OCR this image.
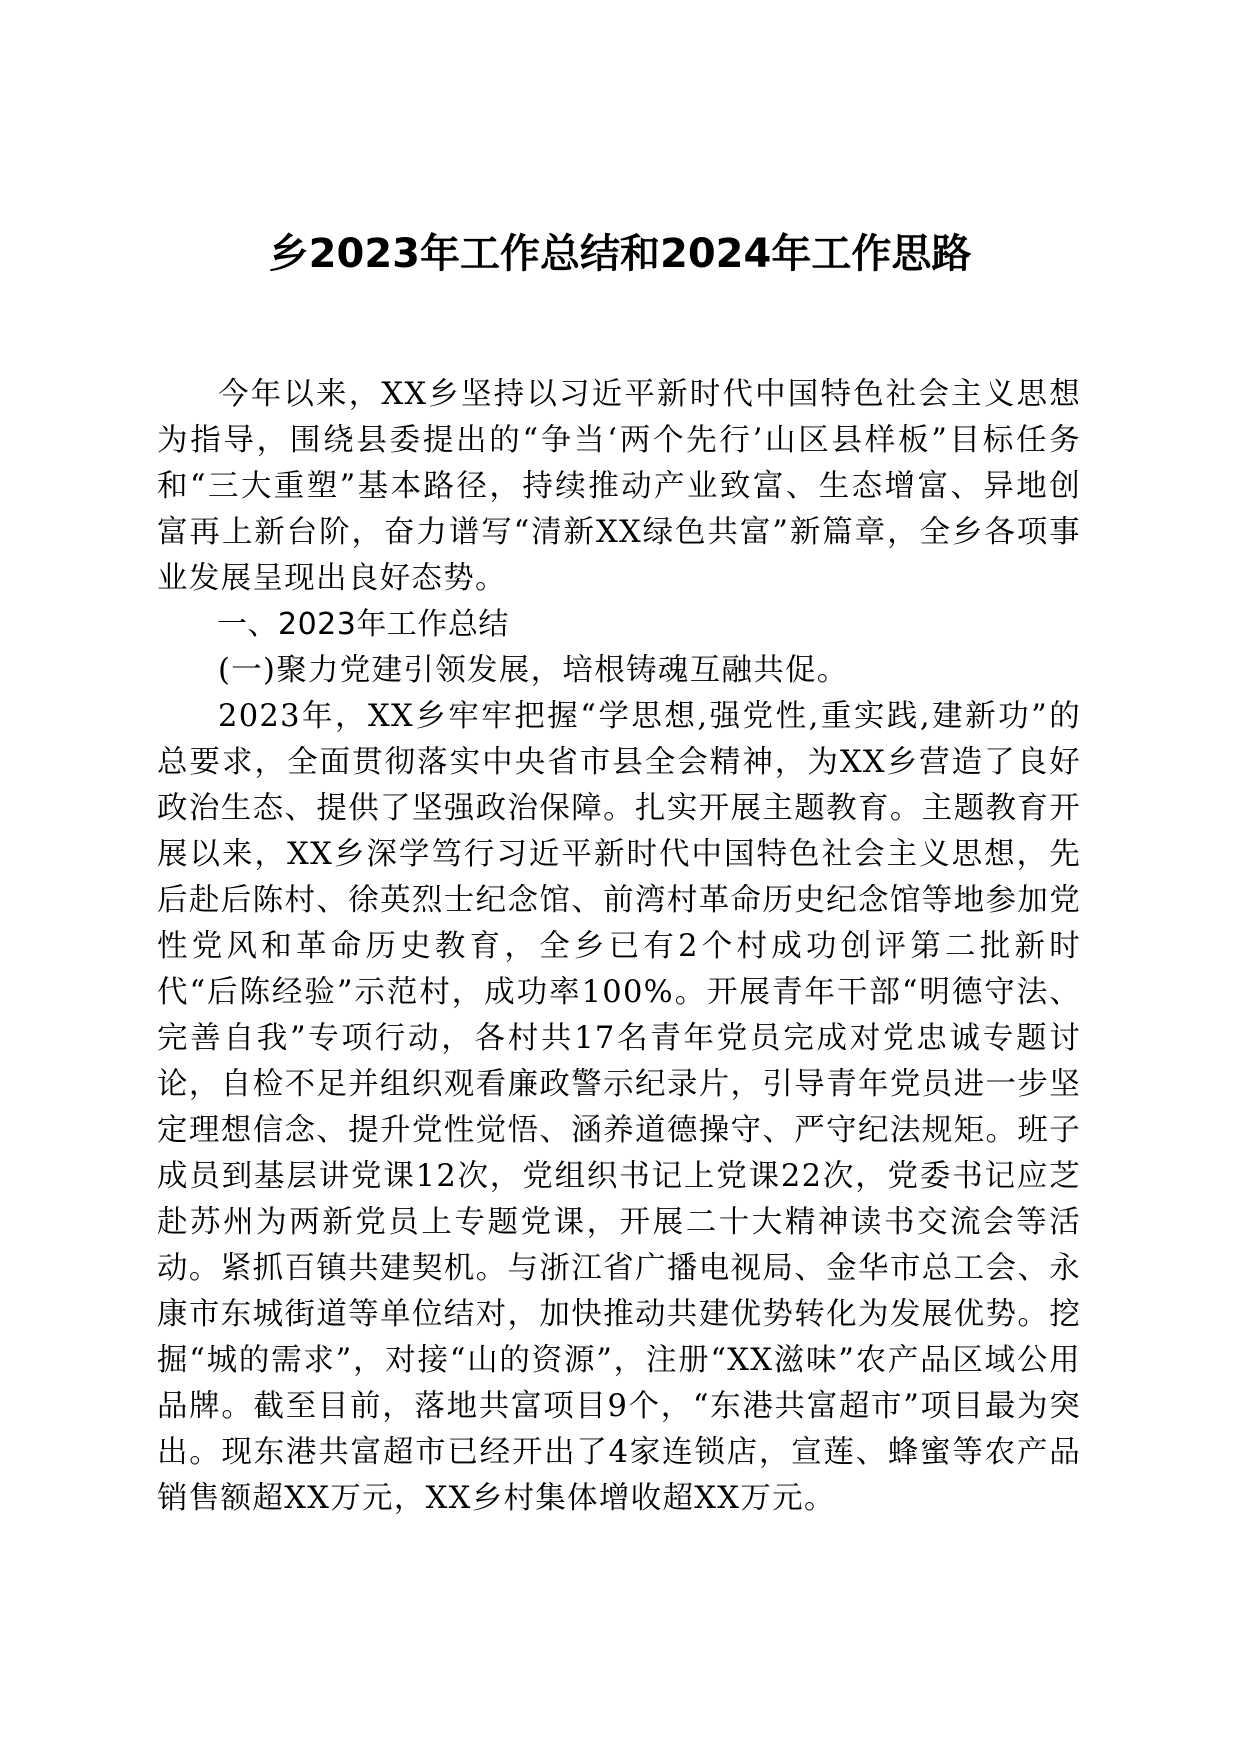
乡2023年工作总结和2024年工作思路

今年以来，XX乡坚持以习近平新时代中国特色社会主义思想为指导，围绕县委提出的“争当‘两个先行’山区县样板”目标任务和“三大重塑”基本路径，持续推动产业致富、生态增富、异地创富再上新台阶，奋力谱写“清新XX绿色共富”新篇章，全乡各项事业发展呈现出良好态势。

一、2023年工作总结

(一)聚力党建引领发展，培根铸魂互融共促。

2023年，XX乡牢牢把握“学思想,强党性,重实践,建新功”的总要求，全面贯彻落实中央省市县全会精神，为XX乡营造了良好政治生态、提供了坚强政治保障。扎实开展主题教育。主题教育开展以来，XX乡深学笃行习近平新时代中国特色社会主义思想，先后赴后陈村、徐英烈士纪念馆、前湾村革命历史纪念馆等地参加党性党风和革命历史教育，全乡已有2个村成功创评第二批新时代“后陈经验”示范村，成功率100%。开展青年干部“明德守法、完善自我”专项行动，各村共17名青年党员完成对党忠诚专题讨论，自检不足并组织观看廉政警示纪录片，引导青年党员进一步坚定理想信念、提升党性觉悟、涵养道德操守、严守纪法规矩。班子成员到基层讲党课12次，党组织书记上党课22次，党委书记应芝赴苏州为两新党员上专题党课，开展二十大精神读书交流会等活动。紧抓百镇共建契机。与浙江省广播电视局、金华市总工会、永康市东城街道等单位结对，加快推动共建优势转化为发展优势。挖掘“城的需求”，对接“山的资源”，注册“XX滋味”农产品区域公用品牌。截至目前，落地共富项目9个，“东港共富超市”项目最为突出。现东港共富超市已经开出了4家连锁店，宣莲、蜂蜜等农产品销售额超XX万元，XX乡村集体增收超XX万元。
